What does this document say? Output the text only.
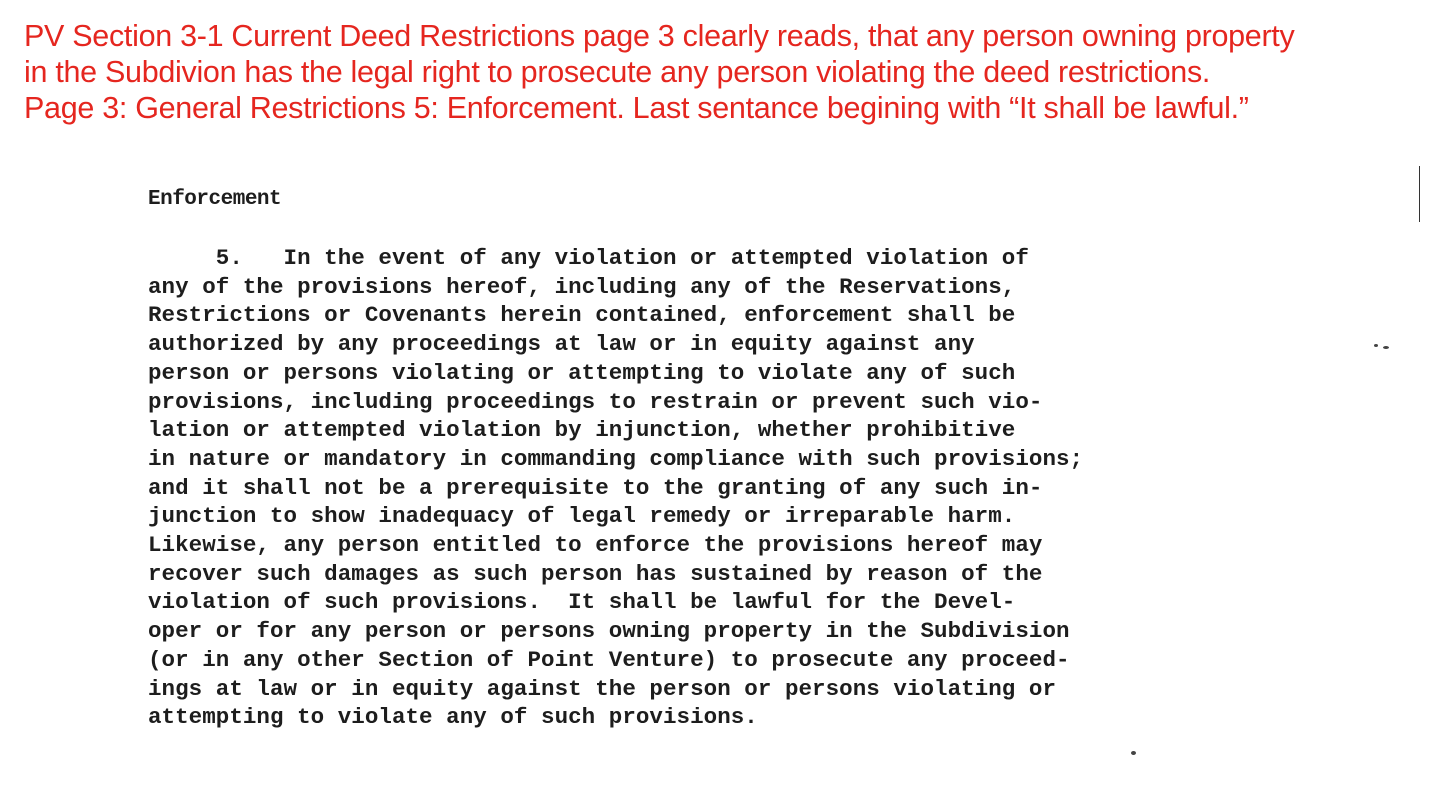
PV Section 3-1 Current Deed Restrictions page 3 clearly reads, that any person owning property
in the Subdivion has the legal right to prosecute any person violating the deed restrictions.
Page 3: General Restrictions 5: Enforcement. Last sentance begining with “It shall be lawful.”
Enforcement
5.   In the event of any violation or attempted violation of
any of the provisions hereof, including any of the Reservations,
Restrictions or Covenants herein contained, enforcement shall be
authorized by any proceedings at law or in equity against any
person or persons violating or attempting to violate any of such
provisions, including proceedings to restrain or prevent such vio-
lation or attempted violation by injunction, whether prohibitive
in nature or mandatory in commanding compliance with such provisions;
and it shall not be a prerequisite to the granting of any such in-
junction to show inadequacy of legal remedy or irreparable harm.
Likewise, any person entitled to enforce the provisions hereof may
recover such damages as such person has sustained by reason of the
violation of such provisions.  It shall be lawful for the Devel-
oper or for any person or persons owning property in the Subdivision
(or in any other Section of Point Venture) to prosecute any proceed-
ings at law or in equity against the person or persons violating or
attempting to violate any of such provisions.
